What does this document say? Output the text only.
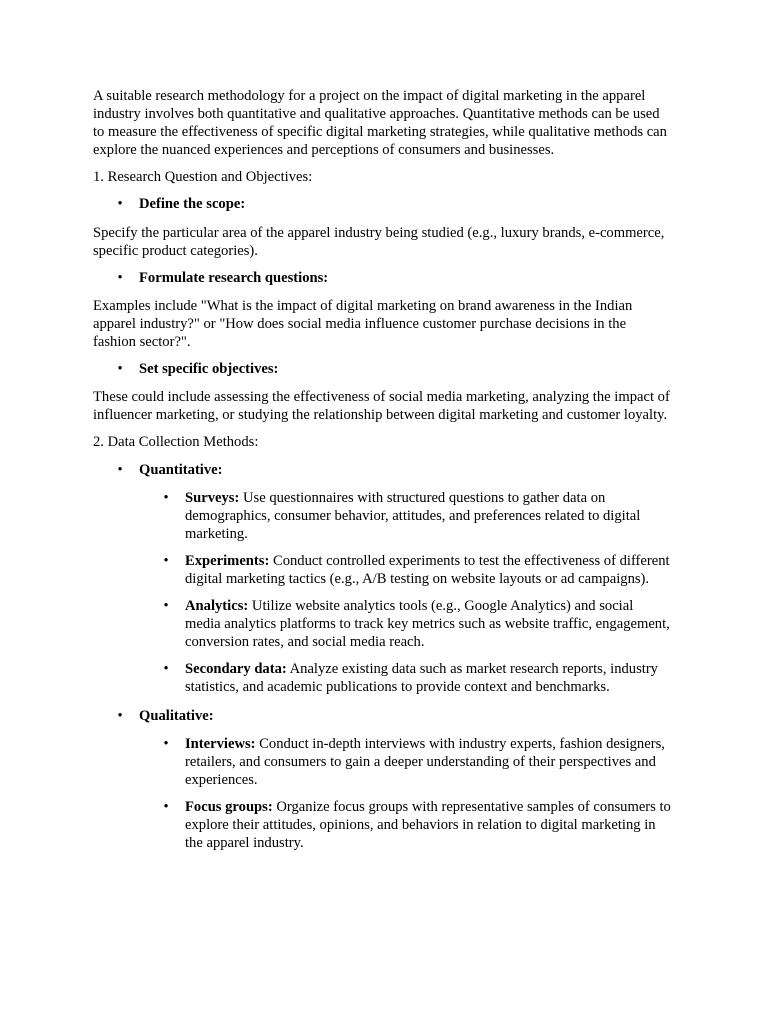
A suitable research methodology for a project on the impact of digital marketing in the apparel industry involves both quantitative and qualitative approaches. Quantitative methods can be used to measure the effectiveness of specific digital marketing strategies, while qualitative methods can explore the nuanced experiences and perceptions of consumers and businesses.

1. Research Question and Objectives:

• Define the scope:

Specify the particular area of the apparel industry being studied (e.g., luxury brands, e-commerce, specific product categories).

• Formulate research questions:

Examples include "What is the impact of digital marketing on brand awareness in the Indian apparel industry?" or "How does social media influence customer purchase decisions in the fashion sector?".

• Set specific objectives:

These could include assessing the effectiveness of social media marketing, analyzing the impact of influencer marketing, or studying the relationship between digital marketing and customer loyalty.

2. Data Collection Methods:

• Quantitative:
• Surveys: Use questionnaires with structured questions to gather data on demographics, consumer behavior, attitudes, and preferences related to digital marketing.
• Experiments: Conduct controlled experiments to test the effectiveness of different digital marketing tactics (e.g., A/B testing on website layouts or ad campaigns).
• Analytics: Utilize website analytics tools (e.g., Google Analytics) and social media analytics platforms to track key metrics such as website traffic, engagement, conversion rates, and social media reach.
• Secondary data: Analyze existing data such as market research reports, industry statistics, and academic publications to provide context and benchmarks.
• Qualitative:
• Interviews: Conduct in-depth interviews with industry experts, fashion designers, retailers, and consumers to gain a deeper understanding of their perspectives and experiences.
• Focus groups: Organize focus groups with representative samples of consumers to explore their attitudes, opinions, and behaviors in relation to digital marketing in the apparel industry.
